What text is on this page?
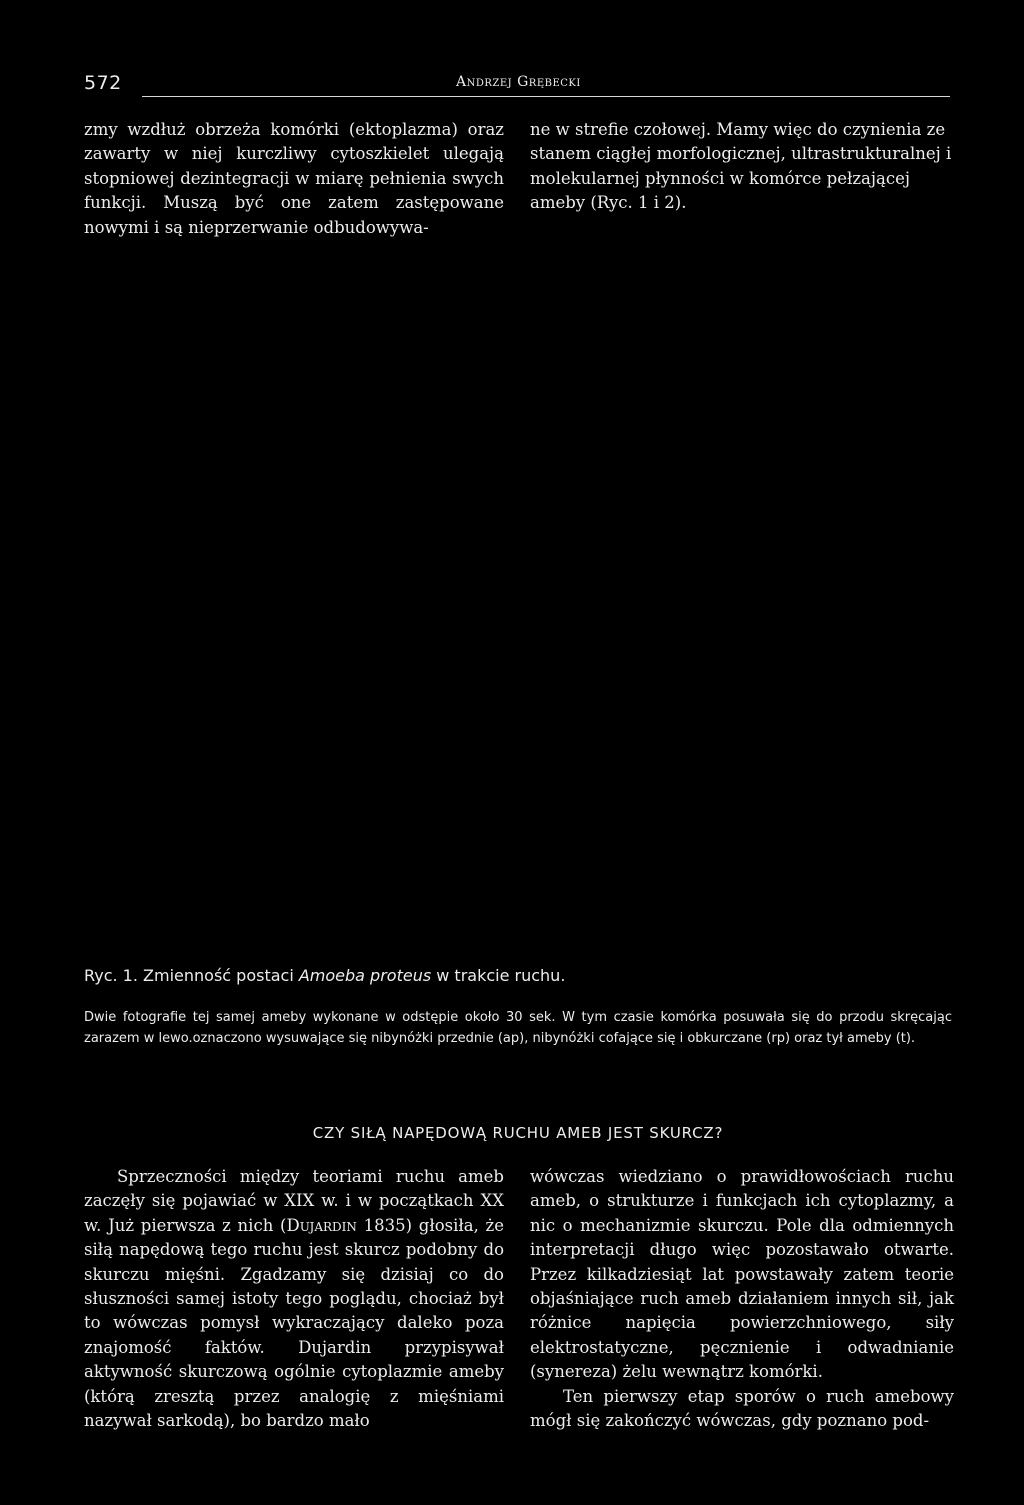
572	Andrzej Grębecki

zmy wzdłuż obrzeża komórki (ektoplazma) oraz zawarty w niej kurczliwy cytoszkielet ulegają stopniowej dezintegracji w miarę pełnienia swych funkcji. Muszą być one zatem zastępowane nowymi i są nieprzerwanie odbudowywa-

ne w strefie czołowej. Mamy więc do czynienia ze stanem ciągłej morfologicznej, ultrastrukturalnej i molekularnej płynności w komórce pełzającej ameby (Ryc. 1 i 2).

Ryc. 1. Zmienność postaci Amoeba proteus w trakcie ruchu.
Dwie fotografie tej samej ameby wykonane w odstępie około 30 sek. W tym czasie komórka posuwała się do przodu skręcając zarazem w lewo.oznaczono wysuwające się nibynóżki przednie (ap), nibynóżki cofające się i obkurczane (rp) oraz tył ameby (t).
CZY SIŁĄ NAPĘDOWĄ RUCHU AMEB JEST SKURCZ?

Sprzeczności między teoriami ruchu ameb zaczęły się pojawiać w XIX w. i w początkach XX w. Już pierwsza z nich (Dujardin 1835) głosiła, że siłą napędową tego ruchu jest skurcz podobny do skurczu mięśni. Zgadzamy się dzisiaj co do słuszności samej istoty tego poglądu, chociaż był to wówczas pomysł wykraczający daleko poza znajomość faktów. Dujardin przypisywał aktywność skurczową ogólnie cytoplazmie ameby (którą zresztą przez analogię z mięśniami nazywał sarkodą), bo bardzo mało

wówczas wiedziano o prawidłowościach ruchu ameb, o strukturze i funkcjach ich cytoplazmy, a nic o mechanizmie skurczu. Pole dla odmiennych interpretacji długo więc pozostawało otwarte. Przez kilkadziesiąt lat powstawały zatem teorie objaśniające ruch ameb działaniem innych sił, jak różnice napięcia powierzchniowego, siły elektrostatyczne, pęcznienie i odwadnianie (synereza) żelu wewnątrz komórki.

Ten pierwszy etap sporów o ruch amebowy mógł się zakończyć wówczas, gdy poznano pod-
